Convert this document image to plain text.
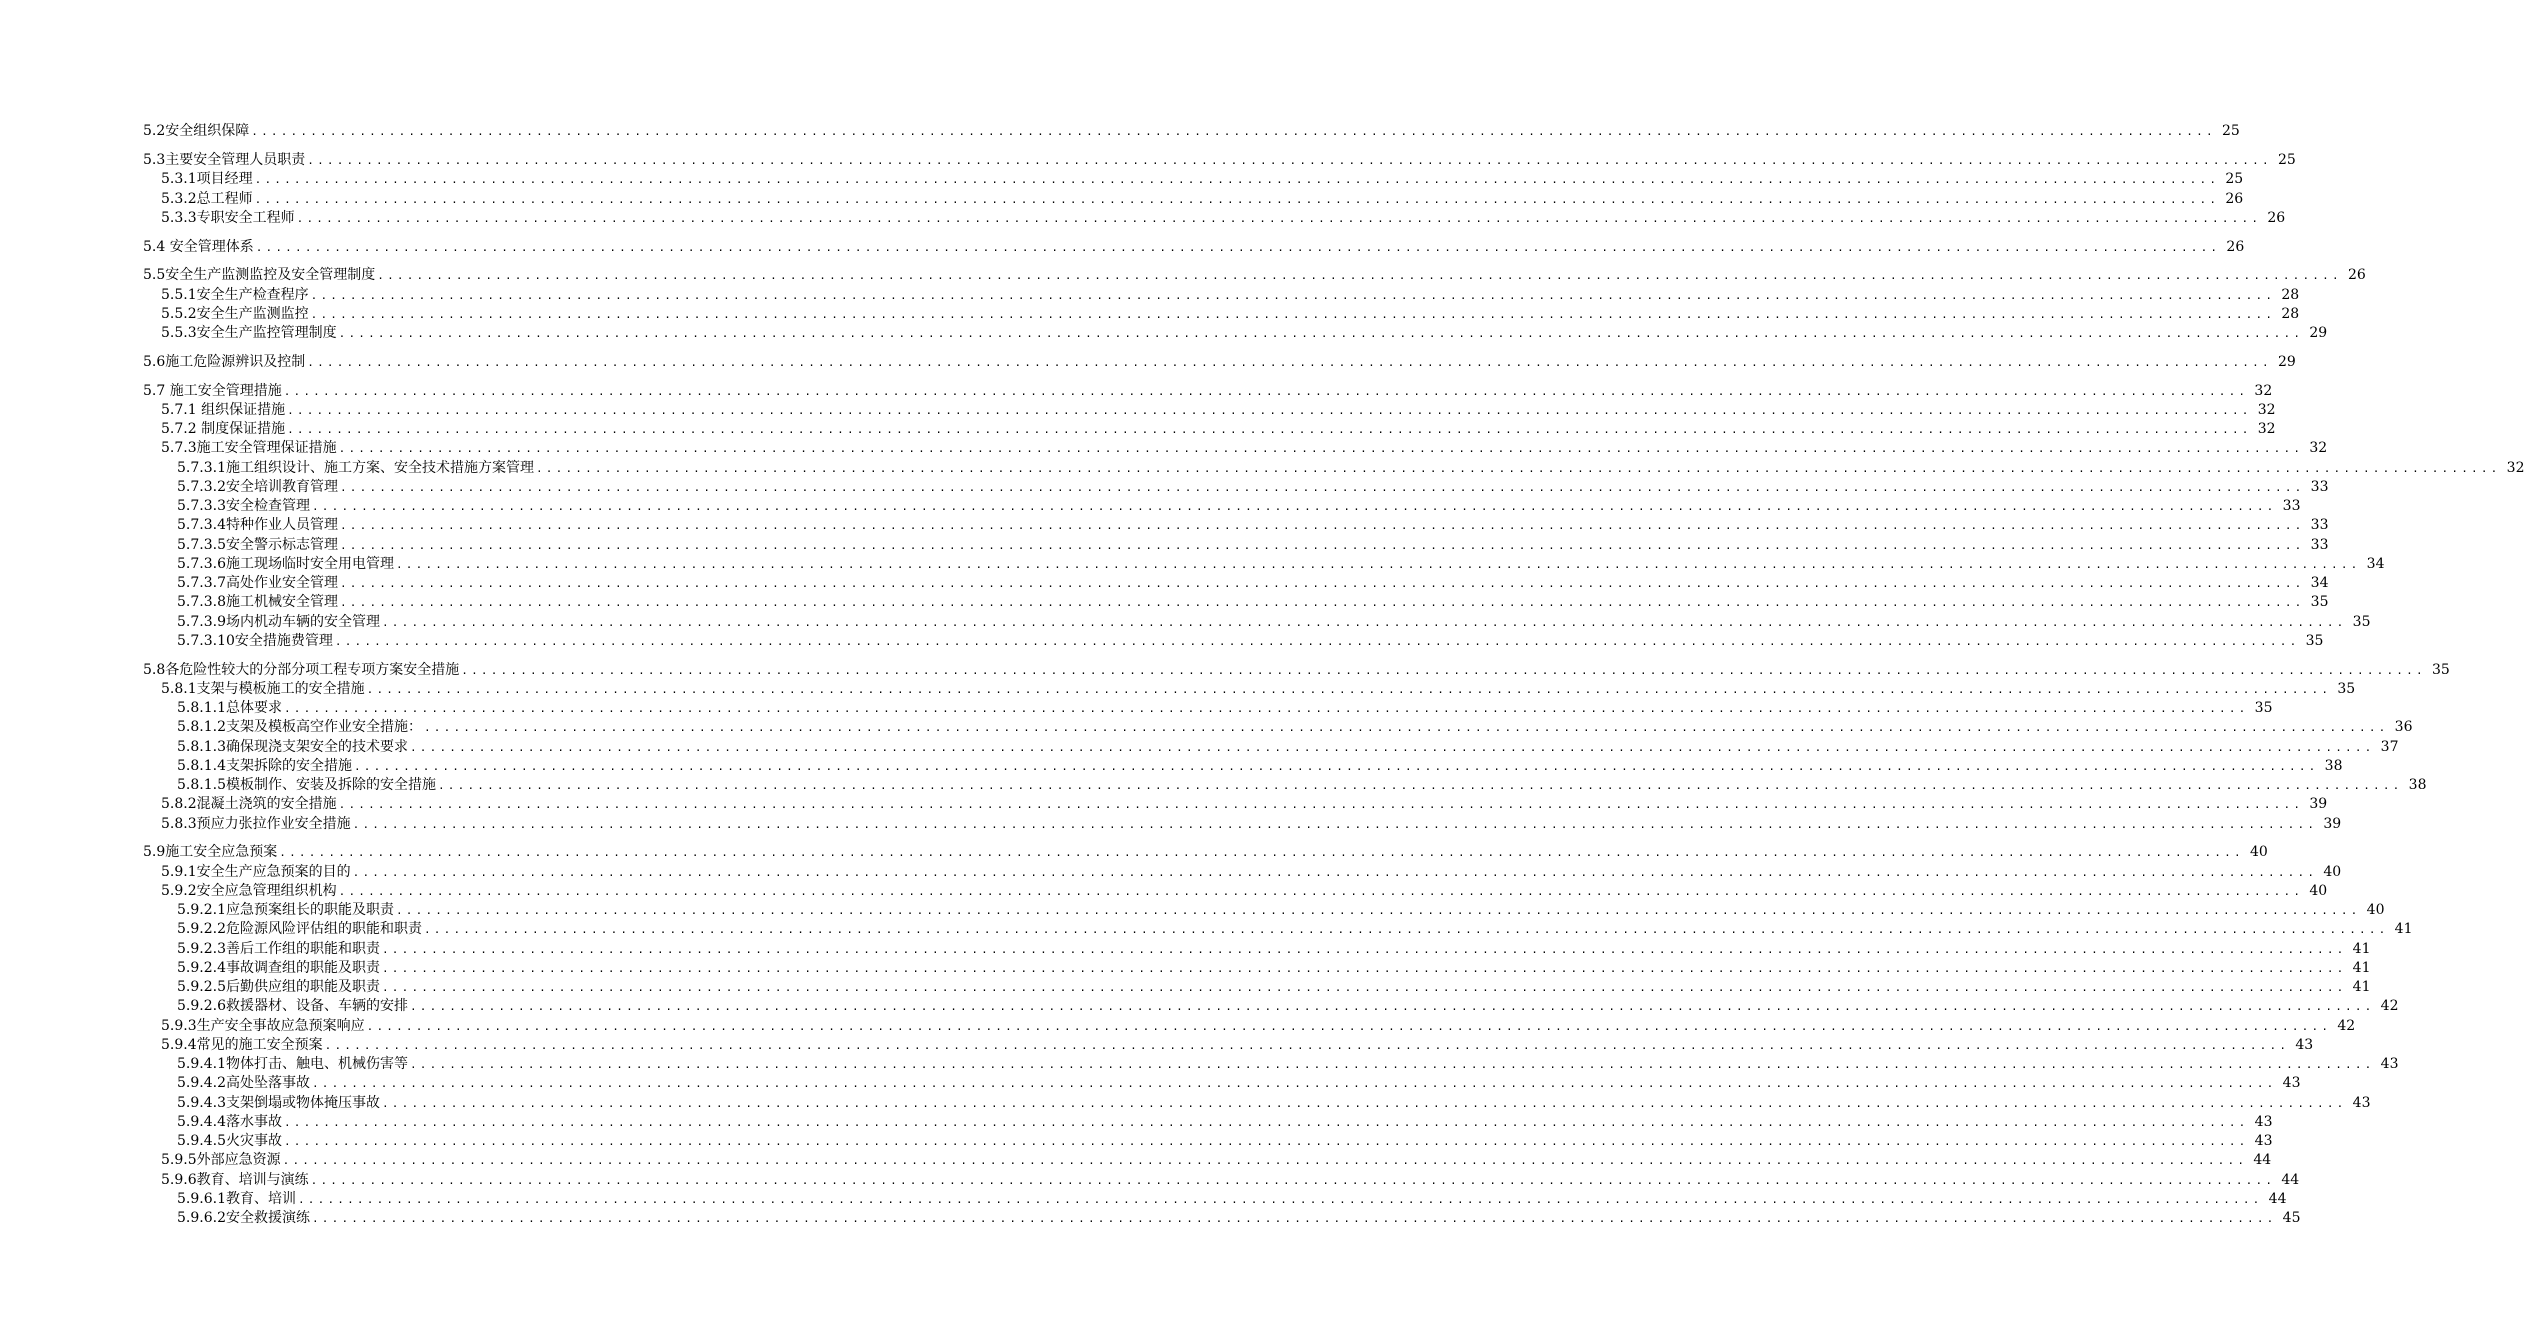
5.2安全组织保障 ........................................................................................................................................................................................................ 25
5.3主要安全管理人员职责 ........................................................................................................................................................................................................ 25
5.3.1项目经理 ........................................................................................................................................................................................................ 25
5.3.2总工程师 ........................................................................................................................................................................................................ 26
5.3.3专职安全工程师 ........................................................................................................................................................................................................ 26
5.4 安全管理体系 ........................................................................................................................................................................................................ 26
5.5安全生产监测监控及安全管理制度 ........................................................................................................................................................................................................ 26
5.5.1安全生产检查程序 ........................................................................................................................................................................................................ 28
5.5.2安全生产监测监控 ........................................................................................................................................................................................................ 28
5.5.3安全生产监控管理制度 ........................................................................................................................................................................................................ 29
5.6施工危险源辨识及控制 ........................................................................................................................................................................................................ 29
5.7 施工安全管理措施 ........................................................................................................................................................................................................ 32
5.7.1 组织保证措施 ........................................................................................................................................................................................................ 32
5.7.2 制度保证措施 ........................................................................................................................................................................................................ 32
5.7.3施工安全管理保证措施 ........................................................................................................................................................................................................ 32
5.7.3.1施工组织设计、施工方案、安全技术措施方案管理 ........................................................................................................................................................................................................ 32
5.7.3.2安全培训教育管理 ........................................................................................................................................................................................................ 33
5.7.3.3安全检查管理 ........................................................................................................................................................................................................ 33
5.7.3.4特种作业人员管理 ........................................................................................................................................................................................................ 33
5.7.3.5安全警示标志管理 ........................................................................................................................................................................................................ 33
5.7.3.6施工现场临时安全用电管理 ........................................................................................................................................................................................................ 34
5.7.3.7高处作业安全管理 ........................................................................................................................................................................................................ 34
5.7.3.8施工机械安全管理 ........................................................................................................................................................................................................ 35
5.7.3.9场内机动车辆的安全管理 ........................................................................................................................................................................................................ 35
5.7.3.10安全措施费管理 ........................................................................................................................................................................................................ 35
5.8各危险性较大的分部分项工程专项方案安全措施 ........................................................................................................................................................................................................ 35
5.8.1支架与模板施工的安全措施 ........................................................................................................................................................................................................ 35
5.8.1.1总体要求 ........................................................................................................................................................................................................ 35
5.8.1.2支架及模板高空作业安全措施： ........................................................................................................................................................................................................ 36
5.8.1.3确保现浇支架安全的技术要求 ........................................................................................................................................................................................................ 37
5.8.1.4支架拆除的安全措施 ........................................................................................................................................................................................................ 38
5.8.1.5模板制作、安装及拆除的安全措施 ........................................................................................................................................................................................................ 38
5.8.2混凝土浇筑的安全措施 ........................................................................................................................................................................................................ 39
5.8.3预应力张拉作业安全措施 ........................................................................................................................................................................................................ 39
5.9施工安全应急预案 ........................................................................................................................................................................................................ 40
5.9.1安全生产应急预案的目的 ........................................................................................................................................................................................................ 40
5.9.2安全应急管理组织机构 ........................................................................................................................................................................................................ 40
5.9.2.1应急预案组长的职能及职责 ........................................................................................................................................................................................................ 40
5.9.2.2危险源风险评估组的职能和职责 ........................................................................................................................................................................................................ 41
5.9.2.3善后工作组的职能和职责 ........................................................................................................................................................................................................ 41
5.9.2.4事故调查组的职能及职责 ........................................................................................................................................................................................................ 41
5.9.2.5后勤供应组的职能及职责 ........................................................................................................................................................................................................ 41
5.9.2.6救援器材、设备、车辆的安排 ........................................................................................................................................................................................................ 42
5.9.3生产安全事故应急预案响应 ........................................................................................................................................................................................................ 42
5.9.4常见的施工安全预案 ........................................................................................................................................................................................................ 43
5.9.4.1物体打击、触电、机械伤害等 ........................................................................................................................................................................................................ 43
5.9.4.2高处坠落事故 ........................................................................................................................................................................................................ 43
5.9.4.3支架倒塌或物体掩压事故 ........................................................................................................................................................................................................ 43
5.9.4.4落水事故 ........................................................................................................................................................................................................ 43
5.9.4.5火灾事故 ........................................................................................................................................................................................................ 43
5.9.5外部应急资源 ........................................................................................................................................................................................................ 44
5.9.6教育、培训与演练 ........................................................................................................................................................................................................ 44
5.9.6.1教育、培训 ........................................................................................................................................................................................................ 44
5.9.6.2安全救援演练 ........................................................................................................................................................................................................ 45
